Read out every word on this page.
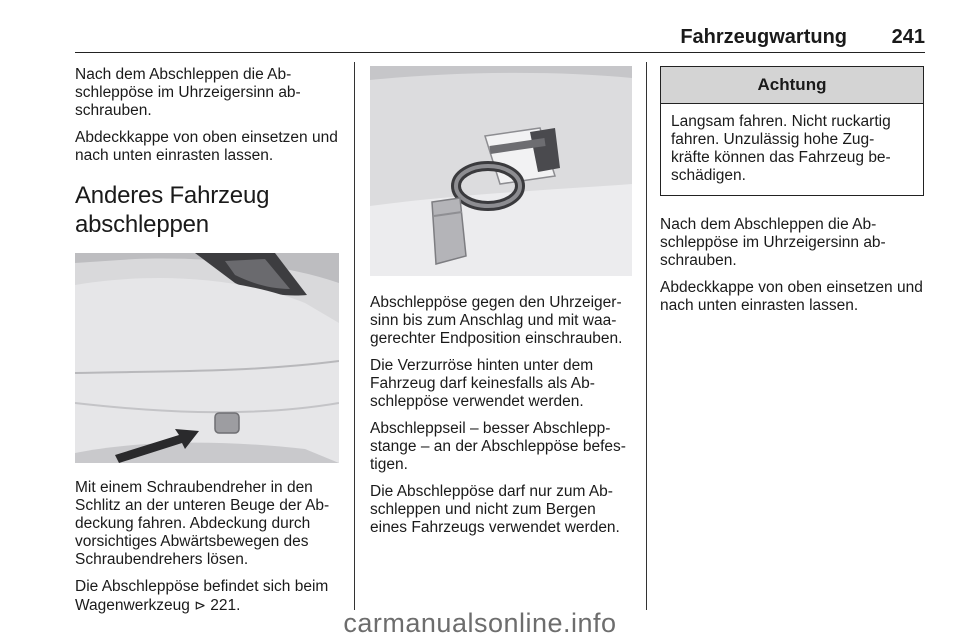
Fahrzeugwartung 241

Nach dem Abschleppen die Ab-schleppöse im Uhrzeigersinn ab-schrauben.

Abdeckkappe von oben einsetzen und nach unten einrasten lassen.

Anderes Fahrzeug abschleppen

Mit einem Schraubendreher in den Schlitz an der unteren Beuge der Ab-deckung fahren. Abdeckung durch vorsichtiges Abwärtsbewegen des Schraubendrehers lösen.

Die Abschleppöse befindet sich beim Wagenwerkzeug ⊳ 221.

Abschleppöse gegen den Uhrzeiger-sinn bis zum Anschlag und mit waa-gerechter Endposition einschrauben.

Die Verzurröse hinten unter dem Fahrzeug darf keinesfalls als Ab-schleppöse verwendet werden.

Abschleppseil – besser Abschlepp-stange – an der Abschleppöse befes-tigen.

Die Abschleppöse darf nur zum Ab-schleppen und nicht zum Bergen eines Fahrzeugs verwendet werden.

Achtung
Langsam fahren. Nicht ruckartig fahren. Unzulässig hohe Zug-kräfte können das Fahrzeug be-schädigen.

Nach dem Abschleppen die Ab-schleppöse im Uhrzeigersinn ab-schrauben.

Abdeckkappe von oben einsetzen und nach unten einrasten lassen.

carmanualsonline.info
